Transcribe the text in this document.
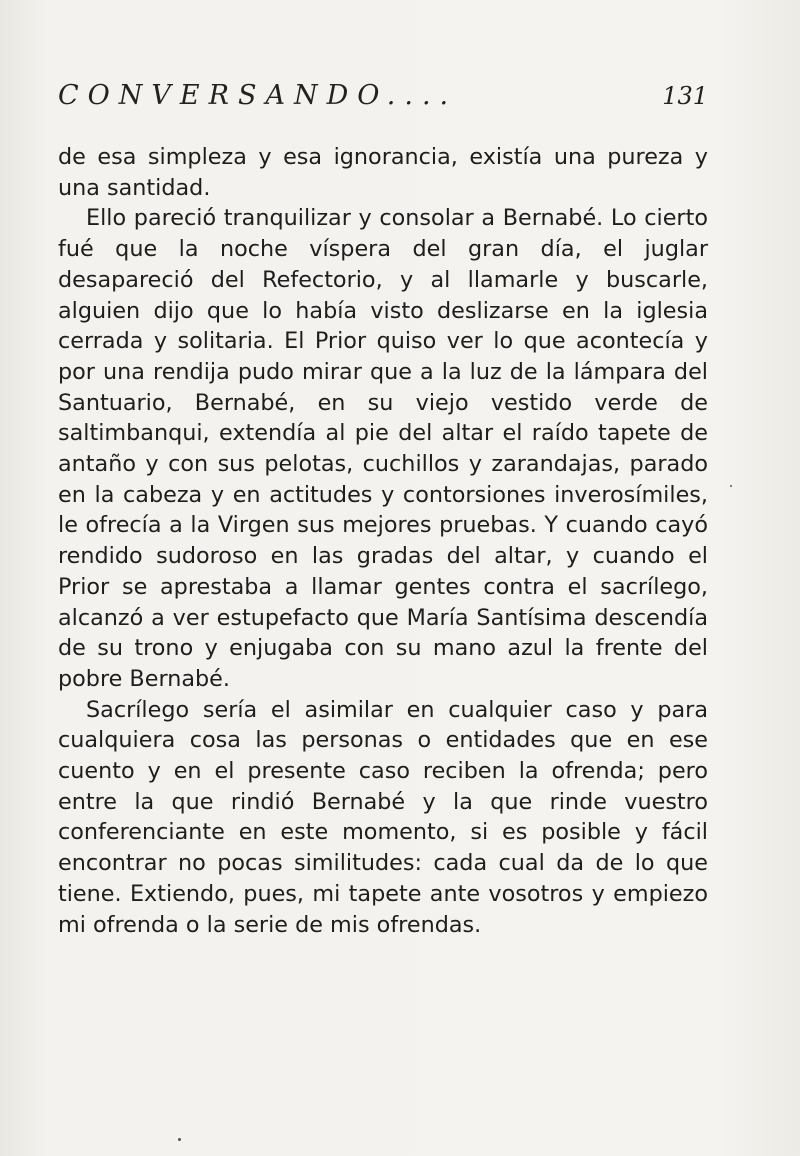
CONVERSANDO....	131

de esa simpleza y esa ignorancia, existía una pureza y una santidad.

Ello pareció tranquilizar y consolar a Bernabé. Lo cierto fué que la noche víspera del gran día, el juglar desapareció del Refectorio, y al llamarle y buscarle, alguien dijo que lo había visto deslizarse en la iglesia cerrada y solitaria. El Prior quiso ver lo que acontecía y por una rendija pudo mirar que a la luz de la lámpara del Santuario, Bernabé, en su viejo vestido verde de saltimbanqui, extendía al pie del altar el raído tapete de antaño y con sus pelotas, cuchillos y zarandajas, parado en la cabeza y en actitudes y contorsiones inverosímiles, le ofrecía a la Virgen sus mejores pruebas. Y cuando cayó rendido sudoroso en las gradas del altar, y cuando el Prior se aprestaba a llamar gentes contra el sacrílego, alcanzó a ver estupefacto que María Santísima descendía de su trono y enjugaba con su mano azul la frente del pobre Bernabé.

Sacrílego sería el asimilar en cualquier caso y para cualquiera cosa las personas o entidades que en ese cuento y en el presente caso reciben la ofrenda; pero entre la que rindió Bernabé y la que rinde vuestro conferenciante en este momento, si es posible y fácil encontrar no pocas similitudes: cada cual da de lo que tiene. Extiendo, pues, mi tapete ante vosotros y empiezo mi ofrenda o la serie de mis ofrendas.
